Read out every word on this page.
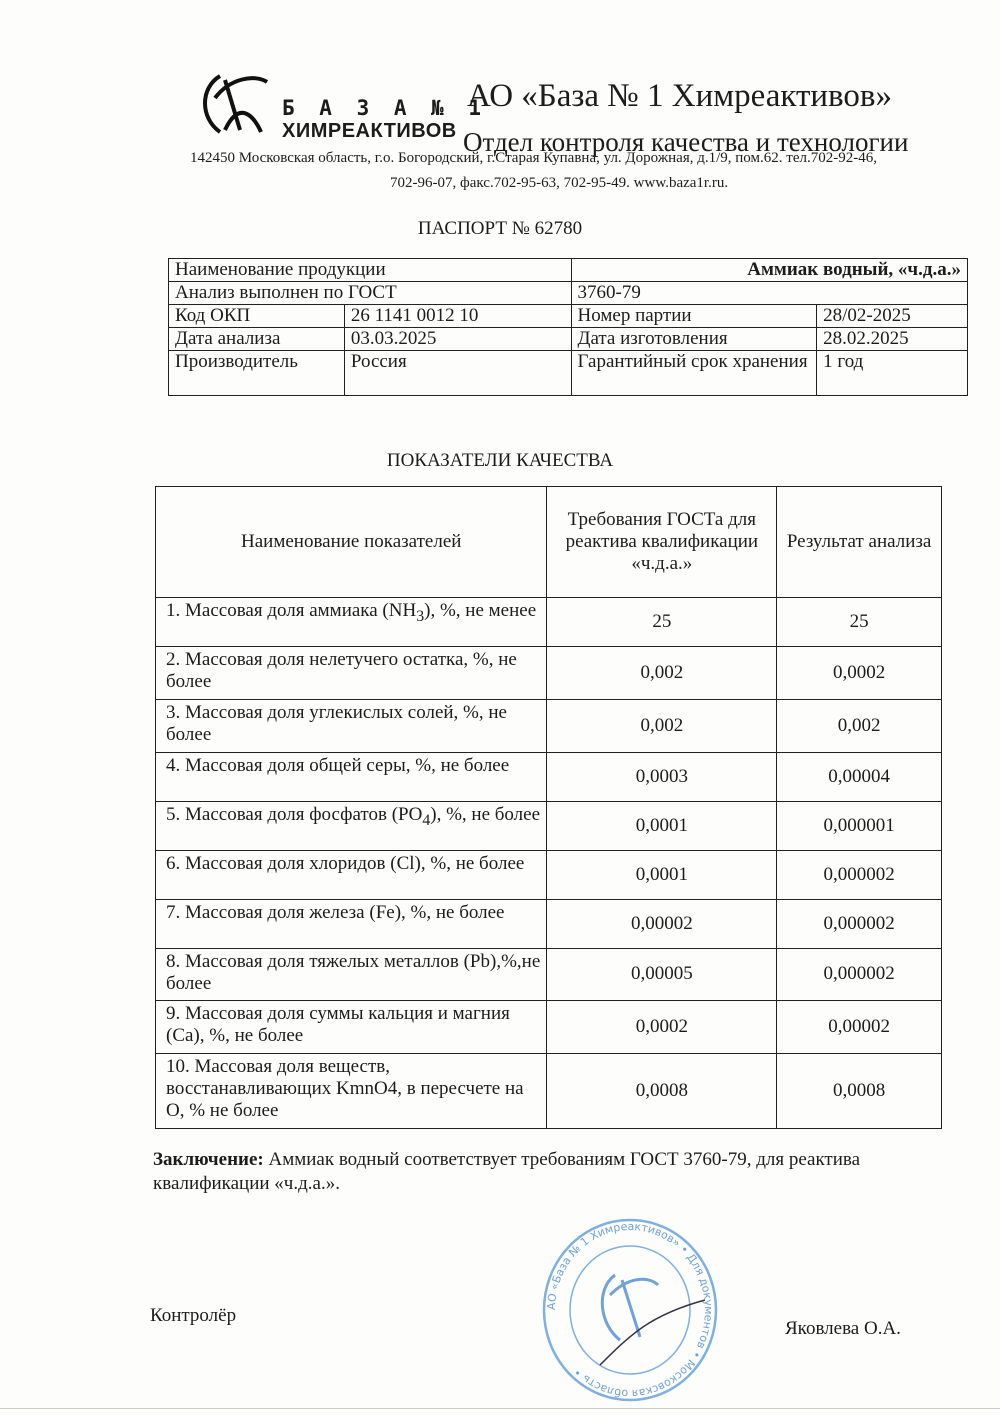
Б А З А № 1
ХИМРЕАКТИВОВ
АО «База № 1 Химреактивов»
Отдел контроля качества и технологии
142450 Московская область, г.о. Богородский, г.Старая Купавна, ул. Дорожная, д.1/9, пом.62. тел.702-92-46,
702-96-07, факс.702-95-63, 702-95-49. www.baza1r.ru.
ПАСПОРТ № 62780
Наименование продукции		Аммиак водный, «ч.д.а.»	
Анализ выполнен по ГОСТ		3760-79	
Код ОКП	26 1141 0012 10	Номер партии	28/02-2025
Дата анализа	03.03.2025	Дата изготовления	28.02.2025
Производитель	Россия	Гарантийный срок хранения	1 год
ПОКАЗАТЕЛИ КАЧЕСТВА
Наименование показателей	Требования ГОСТа для реактива квалификации «ч.д.а.»	Результат анализа
1. Массовая доля аммиака $(NH_3)$, %, не менее	25	25
2. Массовая доля нелетучего остатка, %, не более	0,002	0,0002
3. Массовая доля углекислых солей, %, не более	0,002	0,002
4. Массовая доля общей серы, %, не более	0,0003	0,00004
5. Массовая доля фосфатов $(PO_4)$, %, не более	0,0001	0,000001
6. Массовая доля хлоридов (Cl), %, не более	0,0001	0,000002
7. Массовая доля железа (Fe), %, не более	0,00002	0,000002
8. Массовая доля тяжелых металлов (Pb),%,не более	0,00005	0,000002
9. Массовая доля суммы кальция и магния (Ca), %, не более	0,0002	0,00002
10. Массовая доля веществ, восстанавливающих KmnO4, в пересчете на O, % не более	0,0008	0,0008
Заключение: Аммиак водный соответствует требованиям ГОСТ 3760-79, для реактива квалификации «ч.д.а.».
АО «База № 1 Химреактивов» • Для документов • Московская область •
Контролёр
Яковлева О.А.
